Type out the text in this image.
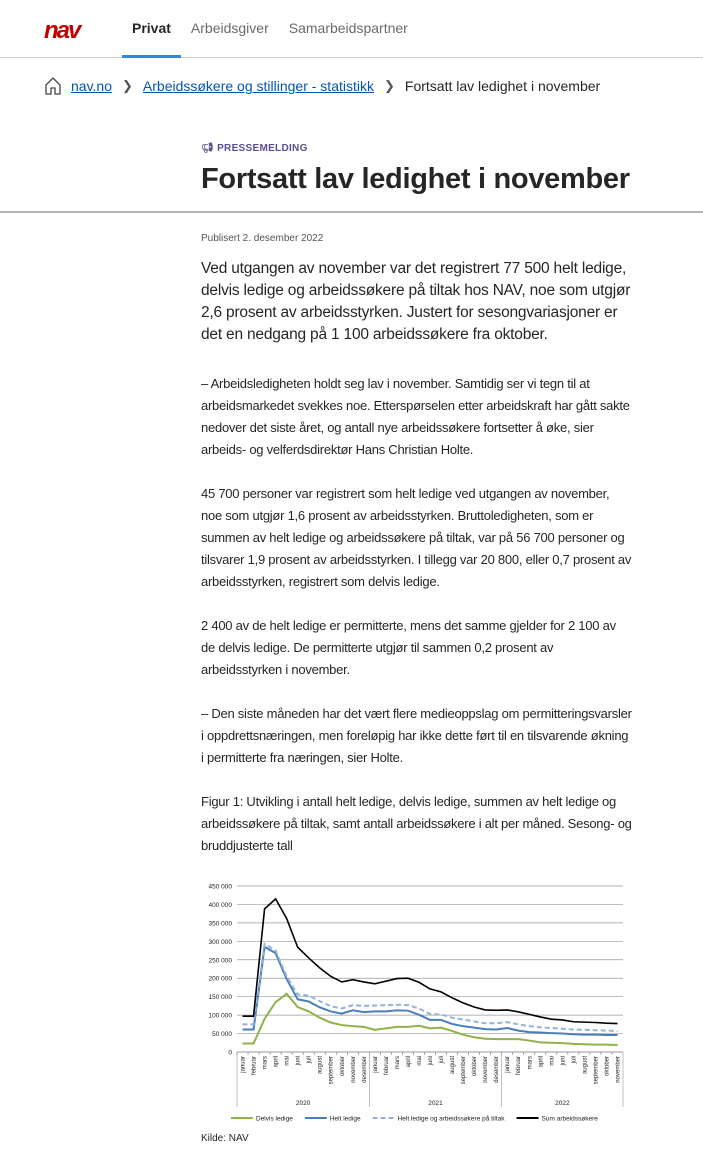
nav	Privat	Arbeidsgiver	Samarbeidspartner
nav.no ❯ Arbeidssøkere og stillinger - statistikk ❯ Fortsatt lav ledighet i november
📢︎ PRESSEMELDING
Fortsatt lav ledighet i november
Publisert 2. desember 2022
Ved utgangen av november var det registrert 77 500 helt ledige, delvis ledige og arbeidssøkere på tiltak hos NAV, noe som utgjør 2,6 prosent av arbeidsstyrken. Justert for sesongvariasjoner er det en nedgang på 1 100 arbeidssøkere fra oktober.
– Arbeidsledigheten holdt seg lav i november. Samtidig ser vi tegn til at arbeidsmarkedet svekkes noe. Etterspørselen etter arbeidskraft har gått sakte nedover det siste året, og antall nye arbeidssøkere fortsetter å øke, sier arbeids- og velferdsdirektør Hans Christian Holte.
45 700 personer var registrert som helt ledige ved utgangen av november, noe som utgjør 1,6 prosent av arbeidsstyrken. Bruttoledigheten, som er summen av helt ledige og arbeidssøkere på tiltak, var på 56 700 personer og tilsvarer 1,9 prosent av arbeidsstyrken. I tillegg var 20 800, eller 0,7 prosent av arbeidsstyrken, registrert som delvis ledige.
2 400 av de helt ledige er permitterte, mens det samme gjelder for 2 100 av de delvis ledige. De permitterte utgjør til sammen 0,2 prosent av arbeidsstyrken i november.
– Den siste måneden har det vært flere medieoppslag om permitteringsvarsler i oppdrettsnæringen, men foreløpig har ikke dette ført til en tilsvarende økning i permitterte fra næringen, sier Holte.
Figur 1: Utvikling i antall helt ledige, delvis ledige, summen av helt ledige og arbeidssøkere på tiltak, samt antall arbeidssøkere i alt per måned. Sesong- og bruddjusterte tall
0
50 000
100 000
150 000
200 000
250 000
300 000
350 000
400 000
450 000
januar februar mars april mai juni juli august september oktober november desember januar februar mars april mai juni juli august september oktober november desember januar februar mars april mai juni juli august september oktober november
2020	2021	2022
Delvis ledige	Helt ledige	Helt ledige og arbeidssøkere på tiltak	Sum arbeidssøkere
Kilde: NAV
